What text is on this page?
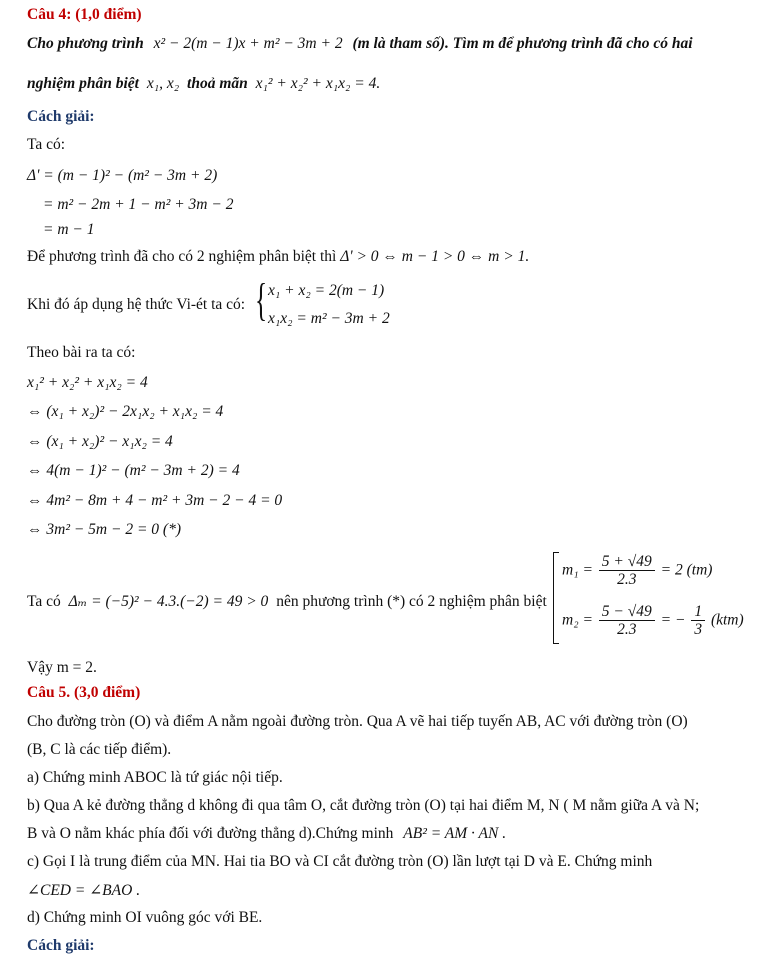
Câu 4: (1,0 điểm)
Cho phương trình x² − 2(m − 1)x + m² − 3m + 2 (m là tham số). Tìm m để phương trình đã cho có hai
nghiệm phân biệt x₁, x₂ thoả mãn x₁² + x₂² + x₁x₂ = 4.
Cách giải:
Ta có:
Δ' = (m − 1)² − (m² − 3m + 2)
= m² − 2m + 1 − m² + 3m − 2
= m − 1
Để phương trình đã cho có 2 nghiệm phân biệt thì Δ' > 0 ⇔ m − 1 > 0 ⇔ m > 1.
Khi đó áp dụng hệ thức Vi-ét ta có: { x₁ + x₂ = 2(m − 1)
x₁x₂ = m² − 3m + 2
Theo bài ra ta có:
x₁² + x₂² + x₁x₂ = 4
⇔ (x₁ + x₂)² − 2x₁x₂ + x₁x₂ = 4
⇔ (x₁ + x₂)² − x₁x₂ = 4
⇔ 4(m − 1)² − (m² − 3m + 2) = 4
⇔ 4m² − 8m + 4 − m² + 3m − 2 − 4 = 0
⇔ 3m² − 5m − 2 = 0 (*)
Ta có Δₘ = (−5)² − 4.3.(−2) = 49 > 0 nên phương trình (*) có 2 nghiệm phân biệt
$m_1 = \frac{5 + √49}{2.3} = 2$ (tm)
$m_2 = \frac{5 - √49}{2.3}$ = − $\frac{1}{3} (ktm)$
Vậy m = 2.
Câu 5. (3,0 điểm)
Cho đường tròn (O) và điểm A nằm ngoài đường tròn. Qua A vẽ hai tiếp tuyến AB, AC với đường tròn (O)
(B, C là các tiếp điểm).
a) Chứng minh ABOC là tứ giác nội tiếp.
b) Qua A kẻ đường thẳng d không đi qua tâm O, cắt đường tròn (O) tại hai điểm M, N ( M nằm giữa A và N;
B và O nằm khác phía đối với đường thẳng d).Chứng minh AB² = AM · AN .
c) Gọi I là trung điểm của MN. Hai tia BO và CI cắt đường tròn (O) lần lượt tại D và E. Chứng minh
∠CED = ∠BAO .
d) Chứng minh OI vuông góc với BE.
Cách giải:
